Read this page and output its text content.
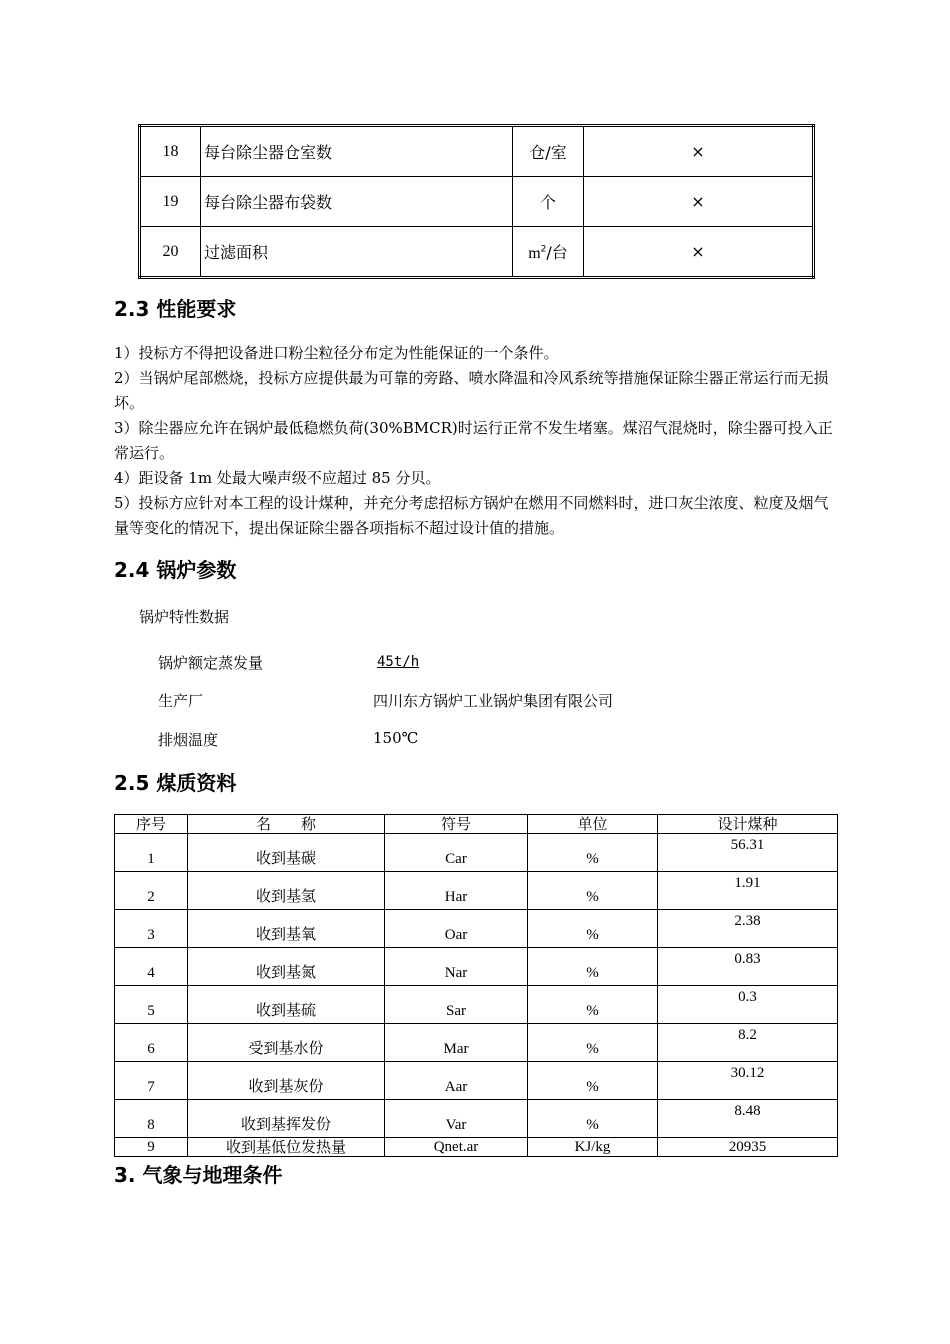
18	每台除尘器仓室数	仓/室	×
19	每台除尘器布袋数	个	×
20	过滤面积	$m^2/$台	×
2.3 性能要求

1）投标方不得把设备进口粉尘粒径分布定为性能保证的一个条件。

2）当锅炉尾部燃烧，投标方应提供最为可靠的旁路、喷水降温和冷风系统等措施保证除尘器正常运行而无损坏。

3）除尘器应允许在锅炉最低稳燃负荷(30%BMCR)时运行正常不发生堵塞。煤沼气混烧时，除尘器可投入正常运行。

4）距设备 1m 处最大噪声级不应超过 85 分贝。

5）投标方应针对本工程的设计煤种，并充分考虑招标方锅炉在燃用不同燃料时，进口灰尘浓度、粒度及烟气量等变化的情况下，提出保证除尘器各项指标不超过设计值的措施。

2.4 锅炉参数
锅炉特性数据
锅炉额定蒸发量	45t/h
生产厂	四川东方锅炉工业锅炉集团有限公司
排烟温度	150℃
2.5 煤质资料
序号	名　　称	符号	单位	设计煤种
1	收到基碳	Car	%	56.31
2	收到基氢	Har	%	1.91
3	收到基氧	Oar	%	2.38
4	收到基氮	Nar	%	0.83
5	收到基硫	Sar	%	0.3
6	受到基水份	Mar	%	8.2
7	收到基灰份	Aar	%	30.12
8	收到基挥发份	Var	%	8.48
9	收到基低位发热量	Qnet.ar	KJ/kg	20935
3. 气象与地理条件
